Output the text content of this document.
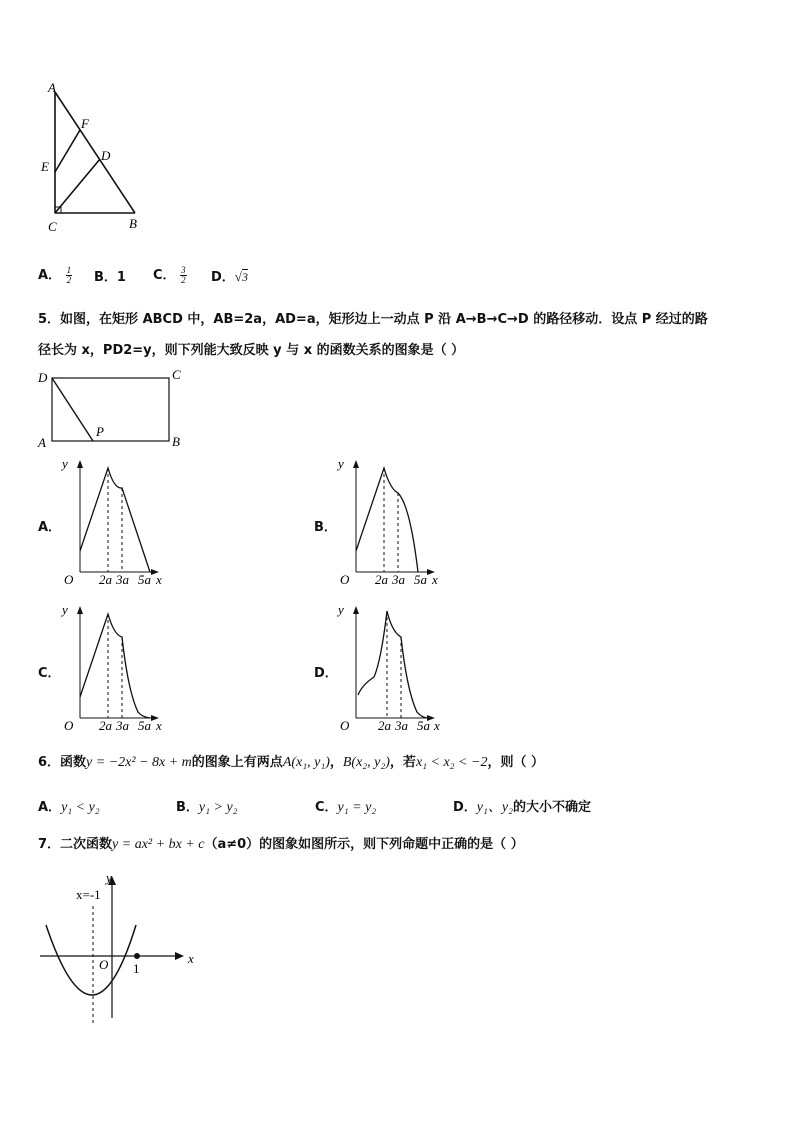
A
F
E
D
C	B
A． $\frac{1}{2}$ B．1 C． $\frac{3}{2}$ D．√3
5．如图，在矩形 ABCD 中，AB=2a，AD=a，矩形边上一动点 P 沿 A→B→C→D 的路径移动．设点 P 经过的路
径长为 x，PD2=y，则下列能大致反映 y 与 x 的函数关系的图象是（ ）
D	C
A	B
P
A．	B．
C．	D．
y
O 2a 3a 5a x
y
O 2a 3a 5a x
y
O 2a 3a 5a x
y
O 2a 3a 5a x
6．函数y = −2x² − 8x + m的图象上有两点A(x₁, y₁)，B(x₂, y₂)，若x₁ < x₂ < −2，则（ ）
A．y₁ < y₂	B．y₁ > y₂	C．y₁ = y₂	D．y₁、y₂的大小不确定
7．二次函数y = ax² + bx + c（a≠0）的图象如图所示，则下列命题中正确的是（ ）
x=-1
y
x
O 1
